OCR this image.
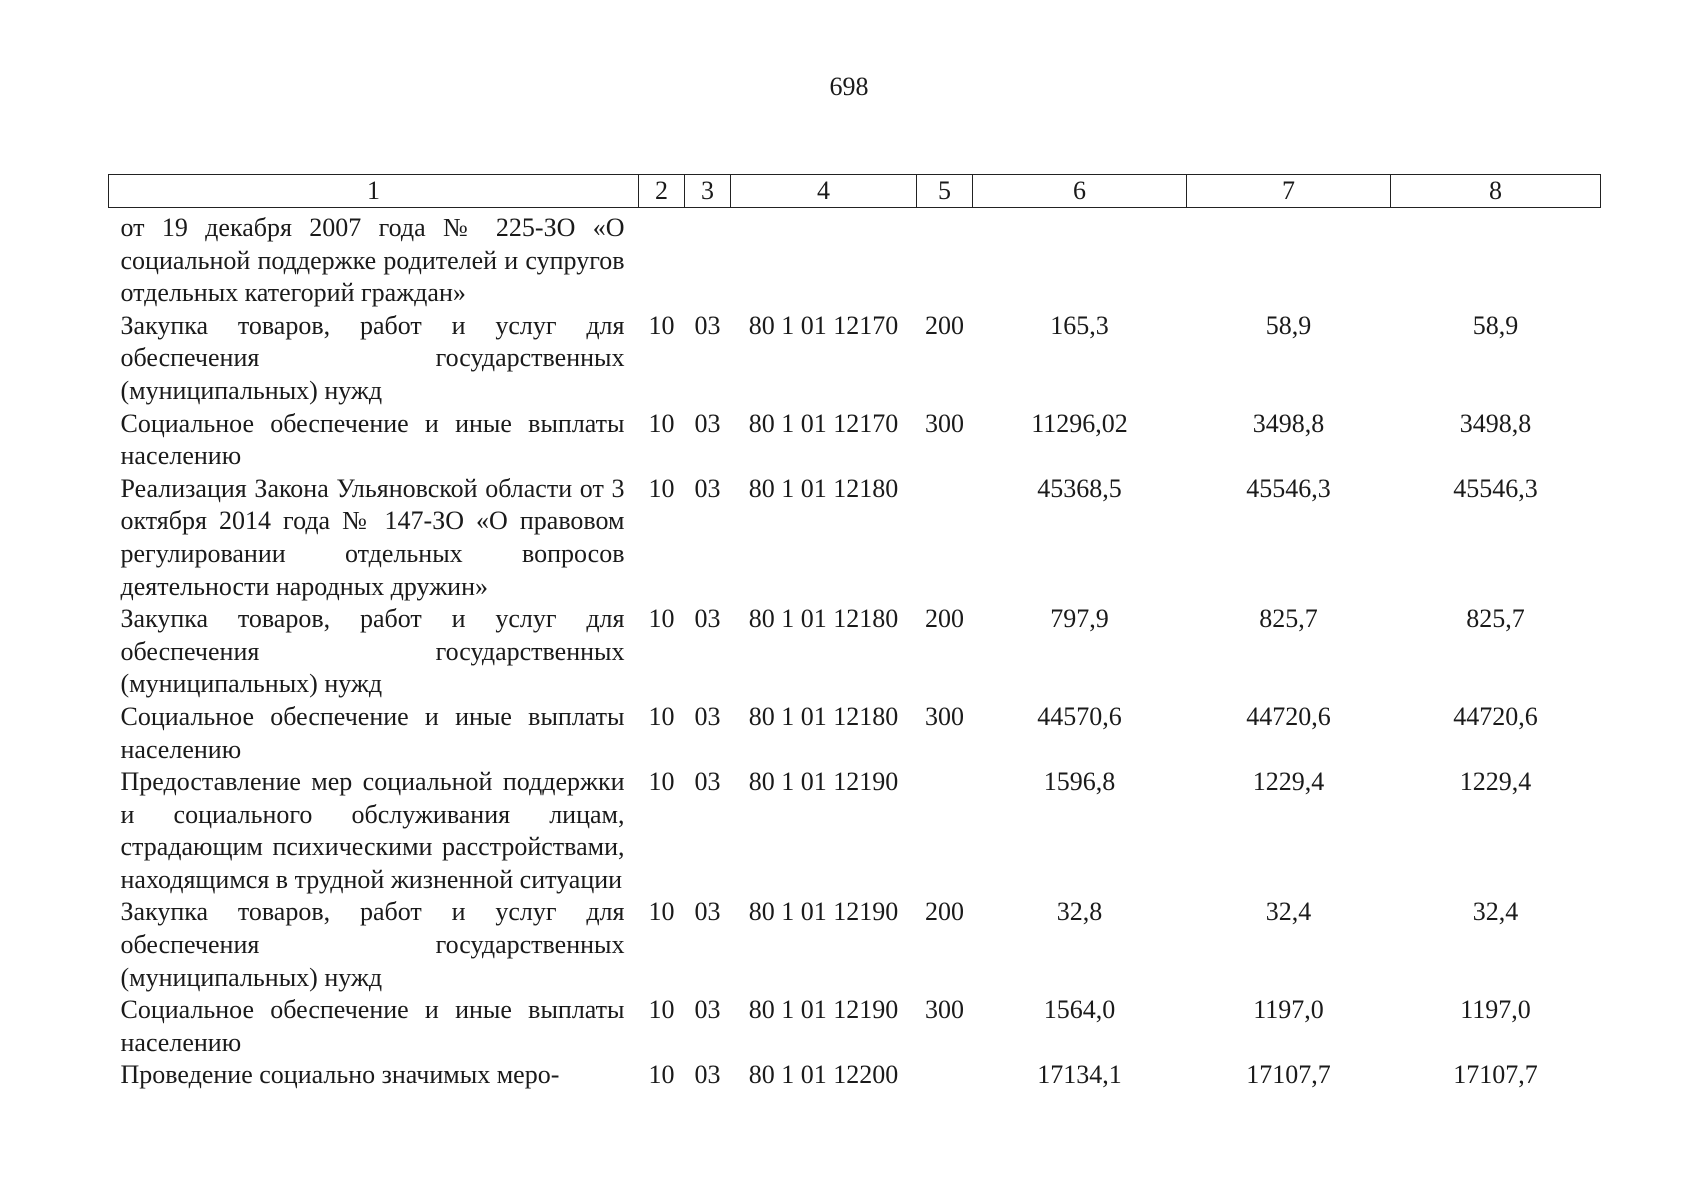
698
1	2	3	4	5	6	7	8
от 19 декабря 2007 года № 225-ЗО «О социальной поддержке родителей и супругов отдельных категорий граждан»							
Закупка товаров, работ и услуг для обеспечения государственных (муниципальных) нужд	10	03	80 1 01 12170	200	165,3	58,9	58,9
Социальное обеспечение и иные выплаты населению	10	03	80 1 01 12170	300	11296,02	3498,8	3498,8
Реализация Закона Ульяновской области от 3 октября 2014 года № 147-ЗО «О правовом регулировании отдельных вопросов деятельности народных дружин»	10	03	80 1 01 12180		45368,5	45546,3	45546,3
Закупка товаров, работ и услуг для обеспечения государственных (муниципальных) нужд	10	03	80 1 01 12180	200	797,9	825,7	825,7
Социальное обеспечение и иные выплаты населению	10	03	80 1 01 12180	300	44570,6	44720,6	44720,6
Предоставление мер социальной поддержки и социального обслуживания лицам, страдающим психическими расстройствами, находящимся в трудной жизненной ситуации	10	03	80 1 01 12190		1596,8	1229,4	1229,4
Закупка товаров, работ и услуг для обеспечения государственных (муниципальных) нужд	10	03	80 1 01 12190	200	32,8	32,4	32,4
Социальное обеспечение и иные выплаты населению	10	03	80 1 01 12190	300	1564,0	1197,0	1197,0
Проведение социально значимых меро-	10	03	80 1 01 12200		17134,1	17107,7	17107,7
